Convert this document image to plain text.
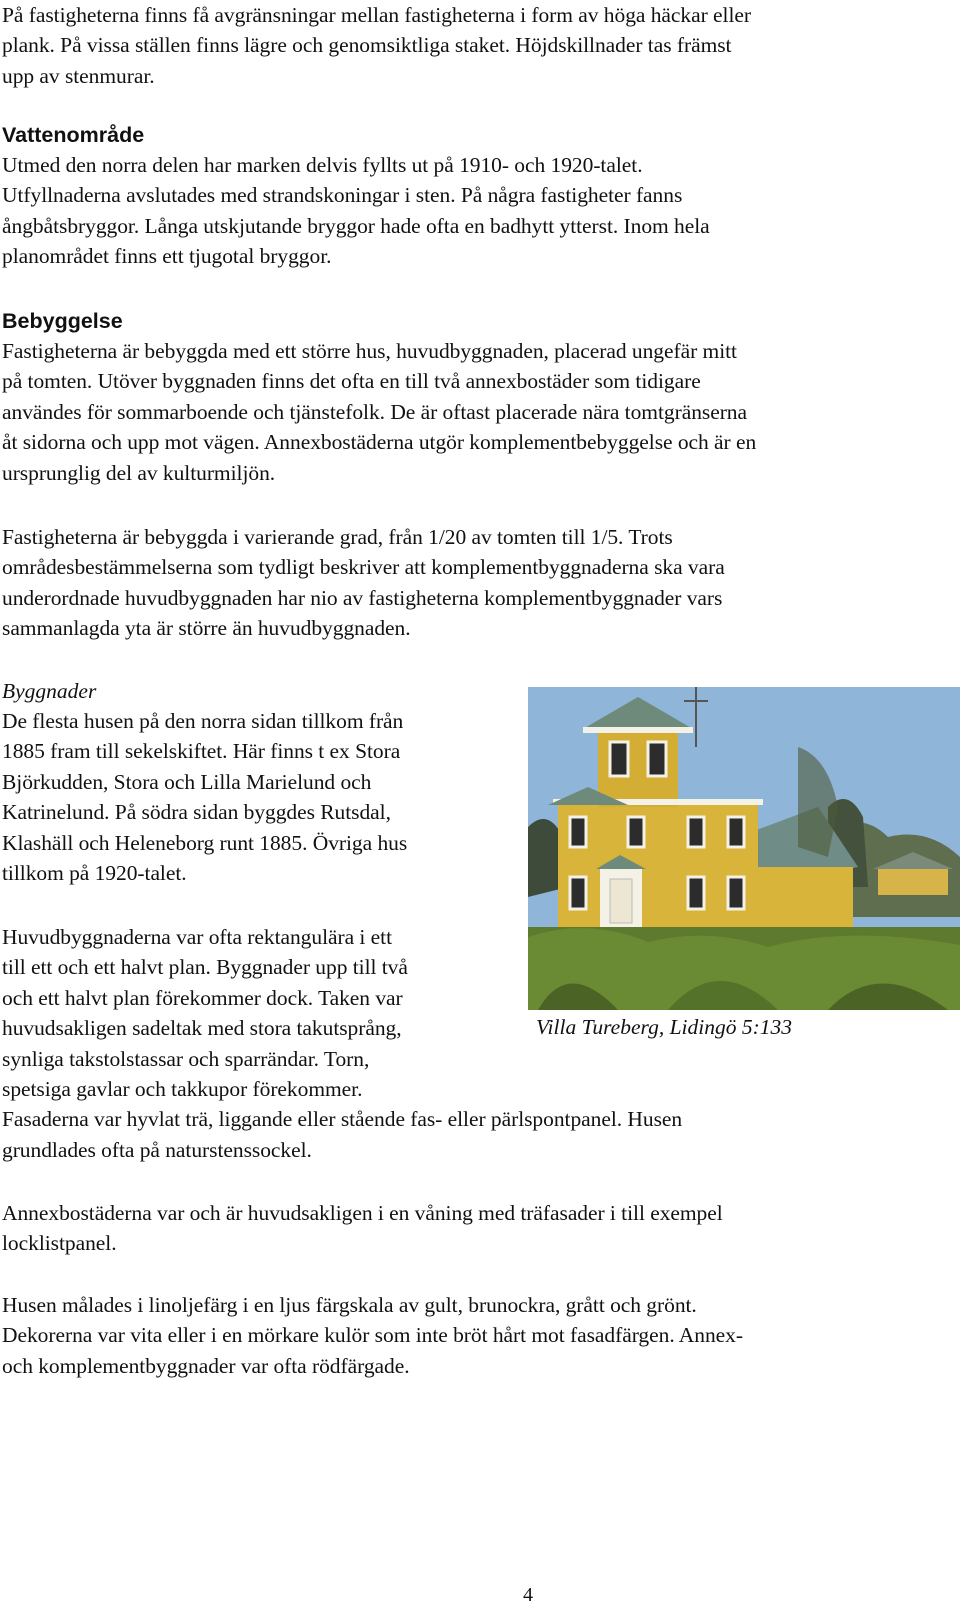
På fastigheterna finns få avgränsningar mellan fastigheterna i form av höga häckar eller

plank. På vissa ställen finns lägre och genomsiktliga staket. Höjdskillnader tas främst

upp av stenmurar.

Vattenområde

Utmed den norra delen har marken delvis fyllts ut på 1910- och 1920-talet.

Utfyllnaderna avslutades med strandskoningar i sten. På några fastigheter fanns

ångbåtsbryggor. Långa utskjutande bryggor hade ofta en badhytt ytterst. Inom hela

planområdet finns ett tjugotal bryggor.

Bebyggelse

Fastigheterna är bebyggda med ett större hus, huvudbyggnaden, placerad ungefär mitt

på tomten. Utöver byggnaden finns det ofta en till två annexbostäder som tidigare

användes för sommarboende och tjänstefolk. De är oftast placerade nära tomtgränserna

åt sidorna och upp mot vägen. Annexbostäderna utgör komplementbebyggelse och är en

ursprunglig del av kulturmiljön.

Fastigheterna är bebyggda i varierande grad, från 1/20 av tomten till 1/5. Trots

områdesbestämmelserna som tydligt beskriver att komplementbyggnaderna ska vara

underordnade huvudbyggnaden har nio av fastigheterna komplementbyggnader vars

sammanlagda yta är större än huvudbyggnaden.

Byggnader

De flesta husen på den norra sidan tillkom från

1885 fram till sekelskiftet. Här finns t ex Stora

Björkudden, Stora och Lilla Marielund och

Katrinelund. På södra sidan byggdes Rutsdal,

Klashäll och Heleneborg runt 1885. Övriga hus

tillkom på 1920-talet.

Huvudbyggnaderna var ofta rektangulära i ett

till ett och ett halvt plan. Byggnader upp till två

och ett halvt plan förekommer dock. Taken var

huvudsakligen sadeltak med stora takutsprång,

synliga takstolstassar och sparrändar. Torn,

spetsiga gavlar och takkupor förekommer.

Fasaderna var hyvlat trä, liggande eller stående fas- eller pärlspontpanel. Husen

grundlades ofta på naturstenssockel.

Annexbostäderna var och är huvudsakligen i en våning med träfasader i till exempel

locklistpanel.

Husen målades i linoljefärg i en ljus färgskala av gult, brunockra, grått och grönt.

Dekorerna var vita eller i en mörkare kulör som inte bröt hårt mot fasadfärgen. Annex-

och komplementbyggnader var ofta rödfärgade.

Villa Tureberg, Lidingö 5:133
4
